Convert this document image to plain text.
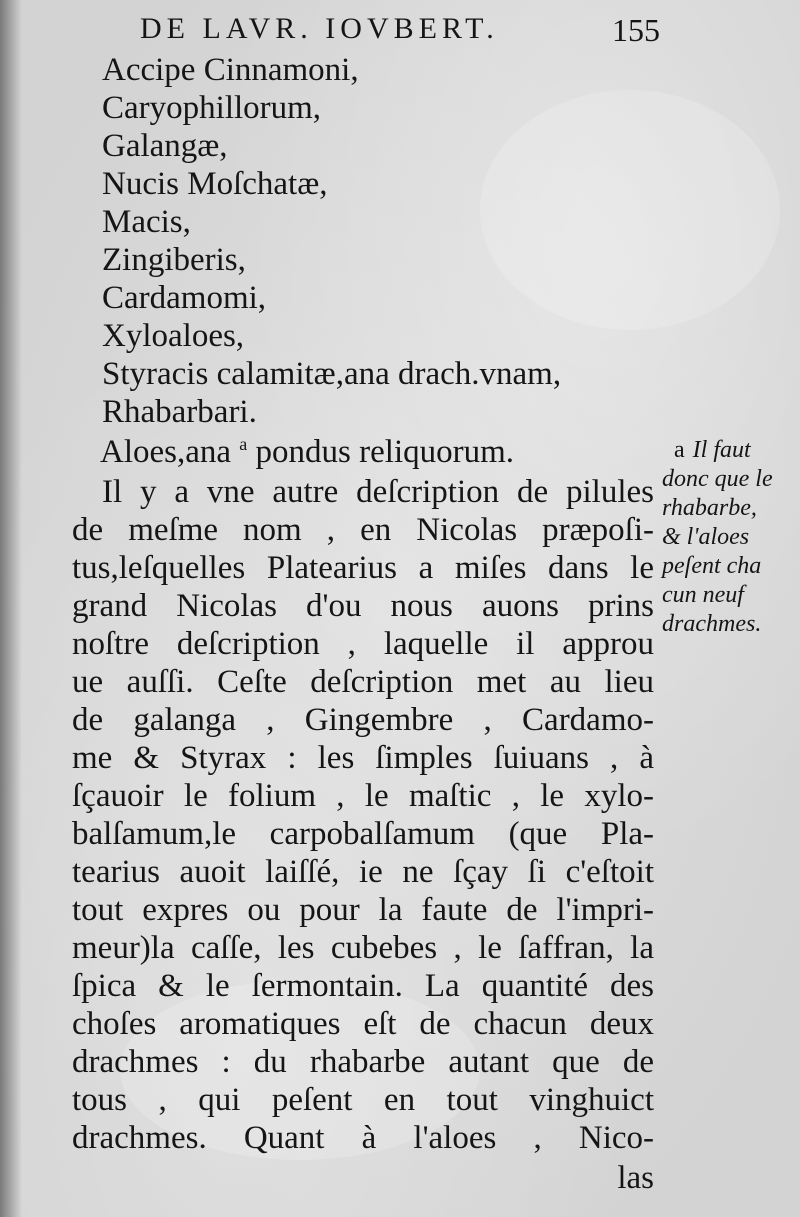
DE LAVR. IOVBERT.	155
Accipe Cinnamoni,
Caryophillorum,
Galangæ,
Nucis Moſchatæ,
Macis,
Zingiberis,
Cardamomi,
Xyloaloes,
Styracis calamitæ,ana drach.vnam,
Rhabarbari.
Aloes,ana $^a$ pondus reliquorum.
Il y a vne autre deſcription de pilules
de meſme nom , en Nicolas præpoſi-
tus,leſquelles Platearius a miſes dans le
grand Nicolas d'ou nous auons prins
noſtre deſcription , laquelle il approu
ue auſſi. Ceſte deſcription met au lieu
de galanga , Gingembre , Cardamo-
me & Styrax : les ſimples ſuiuans , à
ſçauoir le folium , le maſtic , le xylo-
balſamum,le carpobalſamum (que Pla-
tearius auoit laiſſé, ie ne ſçay ſi c'eſtoit
tout expres ou pour la faute de l'impri-
meur)la caſſe, les cubebes , le ſaffran, la
ſpica & le ſermontain. La quantité des
choſes aromatiques eſt de chacun deux
drachmes : du rhabarbe autant que de
tous , qui peſent en tout vinghuict
drachmes. Quant à l'aloes , Nico-
las
a Il faut
donc que le
rhabarbe,
& l'aloes
peſent cha
cun neuf
drachmes.
